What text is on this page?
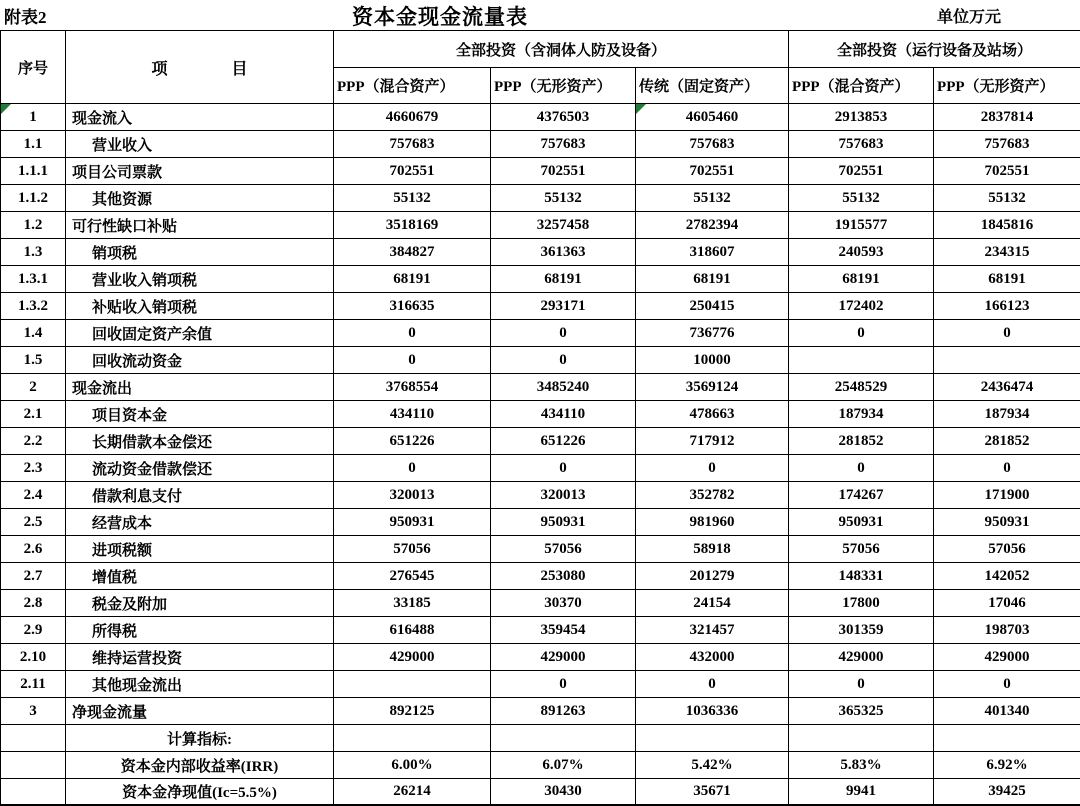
附表2	资本金现金流量表	单位万元
序号	项　　　　目	全部投资（含洞体人防及设备）			全部投资（运行设备及站场）	
		PPP（混合资产）	PPP（无形资产）	传统（固定资产）	PPP（混合资产）	PPP（无形资产）
1	现金流入	4660679	4376503	4605460	2913853	2837814
1.1	营业收入	757683	757683	757683	757683	757683
1.1.1	项目公司票款	702551	702551	702551	702551	702551
1.1.2	其他资源	55132	55132	55132	55132	55132
1.2	可行性缺口补贴	3518169	3257458	2782394	1915577	1845816
1.3	销项税	384827	361363	318607	240593	234315
1.3.1	营业收入销项税	68191	68191	68191	68191	68191
1.3.2	补贴收入销项税	316635	293171	250415	172402	166123
1.4	回收固定资产余值	0	0	736776	0	0
1.5	回收流动资金	0	0	10000		
2	现金流出	3768554	3485240	3569124	2548529	2436474
2.1	项目资本金	434110	434110	478663	187934	187934
2.2	长期借款本金偿还	651226	651226	717912	281852	281852
2.3	流动资金借款偿还	0	0	0	0	0
2.4	借款利息支付	320013	320013	352782	174267	171900
2.5	经营成本	950931	950931	981960	950931	950931
2.6	进项税额	57056	57056	58918	57056	57056
2.7	增值税	276545	253080	201279	148331	142052
2.8	税金及附加	33185	30370	24154	17800	17046
2.9	所得税	616488	359454	321457	301359	198703
2.10	维持运营投资	429000	429000	432000	429000	429000
2.11	其他现金流出		0	0	0	0
3	净现金流量	892125	891263	1036336	365325	401340
	计算指标:					
	资本金内部收益率(IRR)	6.00%	6.07%	5.42%	5.83%	6.92%
	资本金净现值(Ic=5.5%)	26214	30430	35671	9941	39425
